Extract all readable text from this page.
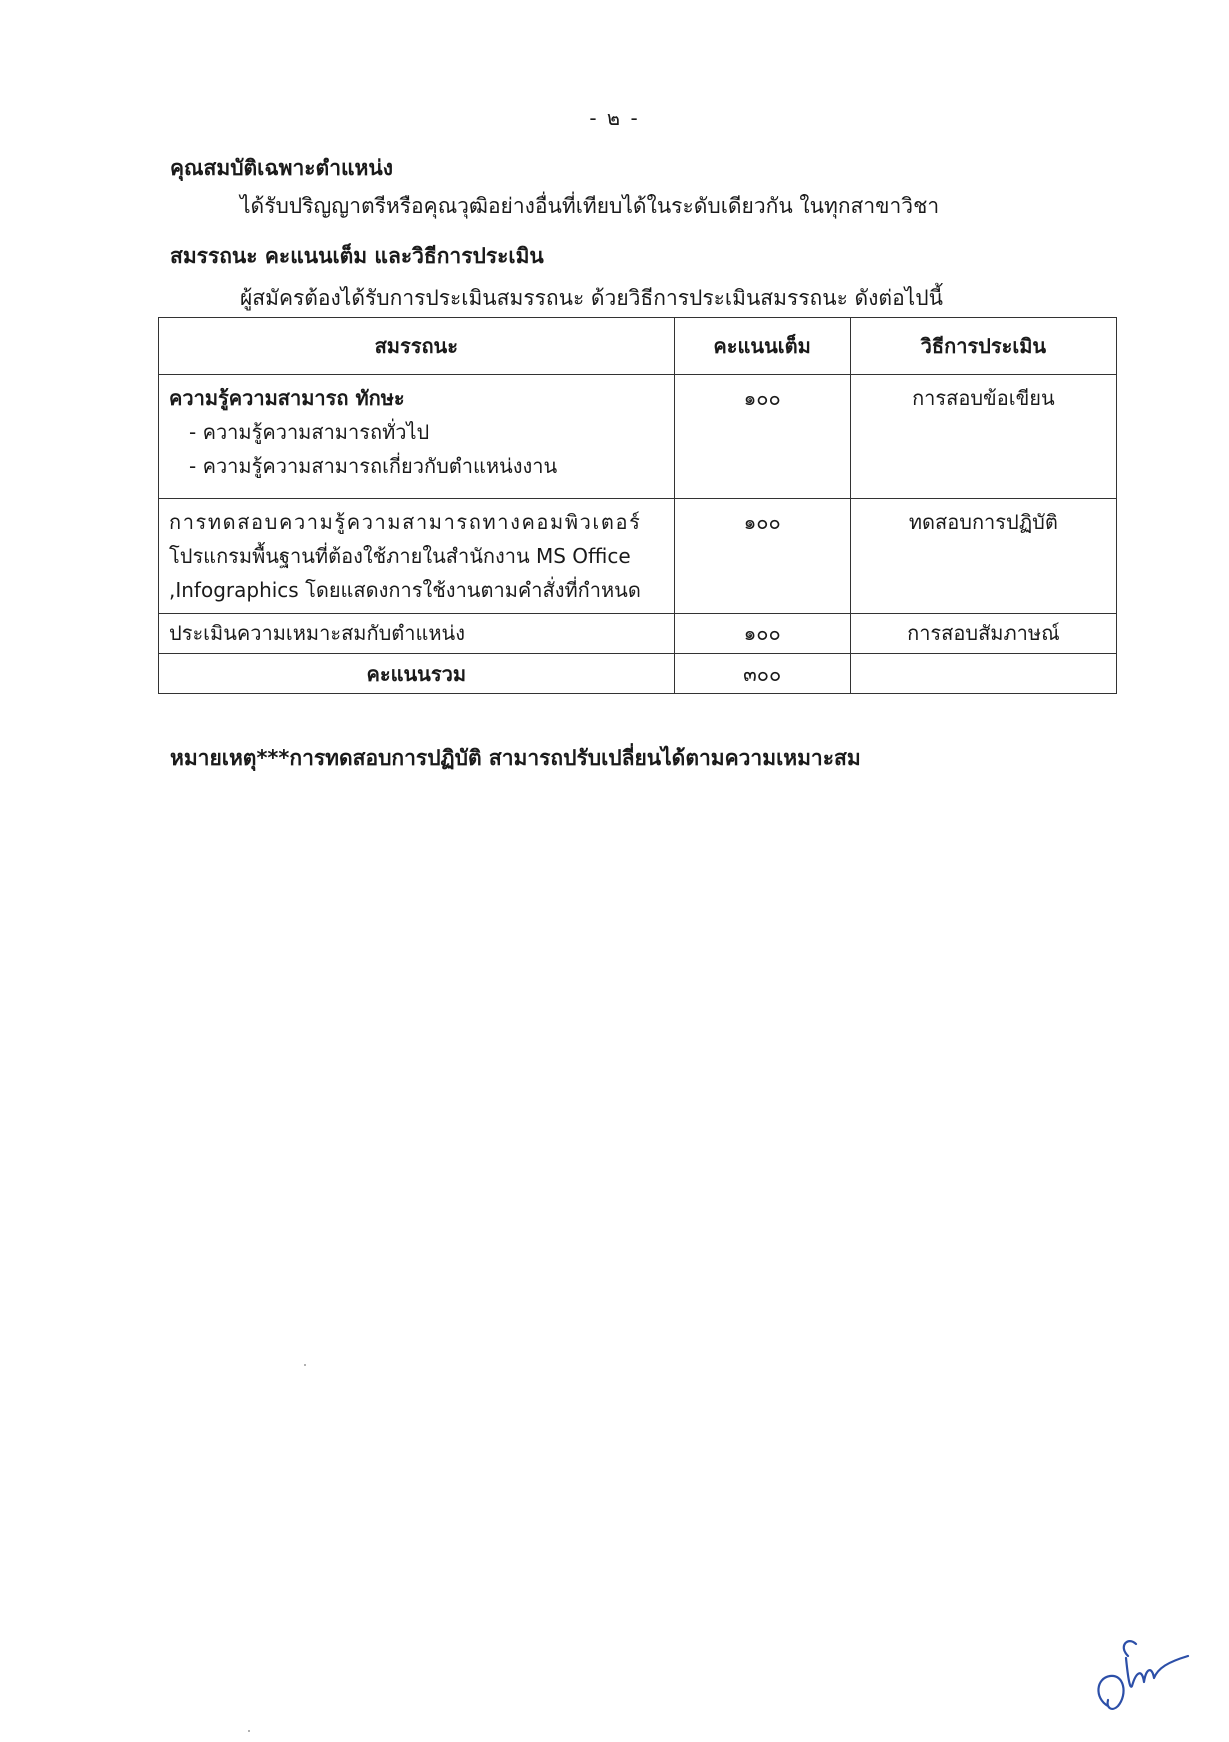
- ๒ -
คุณสมบัติเฉพาะตำแหน่ง
ได้รับปริญญาตรีหรือคุณวุฒิอย่างอื่นที่เทียบได้ในระดับเดียวกัน ในทุกสาขาวิชา
สมรรถนะ คะแนนเต็ม และวิธีการประเมิน
ผู้สมัครต้องได้รับการประเมินสมรรถนะ ด้วยวิธีการประเมินสมรรถนะ ดังต่อไปนี้
สมรรถนะ	คะแนนเต็ม	วิธีการประเมิน
ความรู้ความสามารถ ทักษะ
- ความรู้ความสามารถทั่วไป
- ความรู้ความสามารถเกี่ยวกับตำแหน่งงาน	๑๐๐	การสอบข้อเขียน

การทดสอบความรู้ความสามารถทางคอมพิวเตอร์
โปรแกรมพื้นฐานที่ต้องใช้ภายในสำนักงาน MS Office
,Infographics โดยแสดงการใช้งานตามคำสั่งที่กำหนด	๑๐๐	ทดสอบการปฏิบัติ
ประเมินความเหมาะสมกับตำแหน่ง	๑๐๐	การสอบสัมภาษณ์
คะแนนรวม	๓๐๐	
หมายเหตุ***การทดสอบการปฏิบัติ สามารถปรับเปลี่ยนได้ตามความเหมาะสม
